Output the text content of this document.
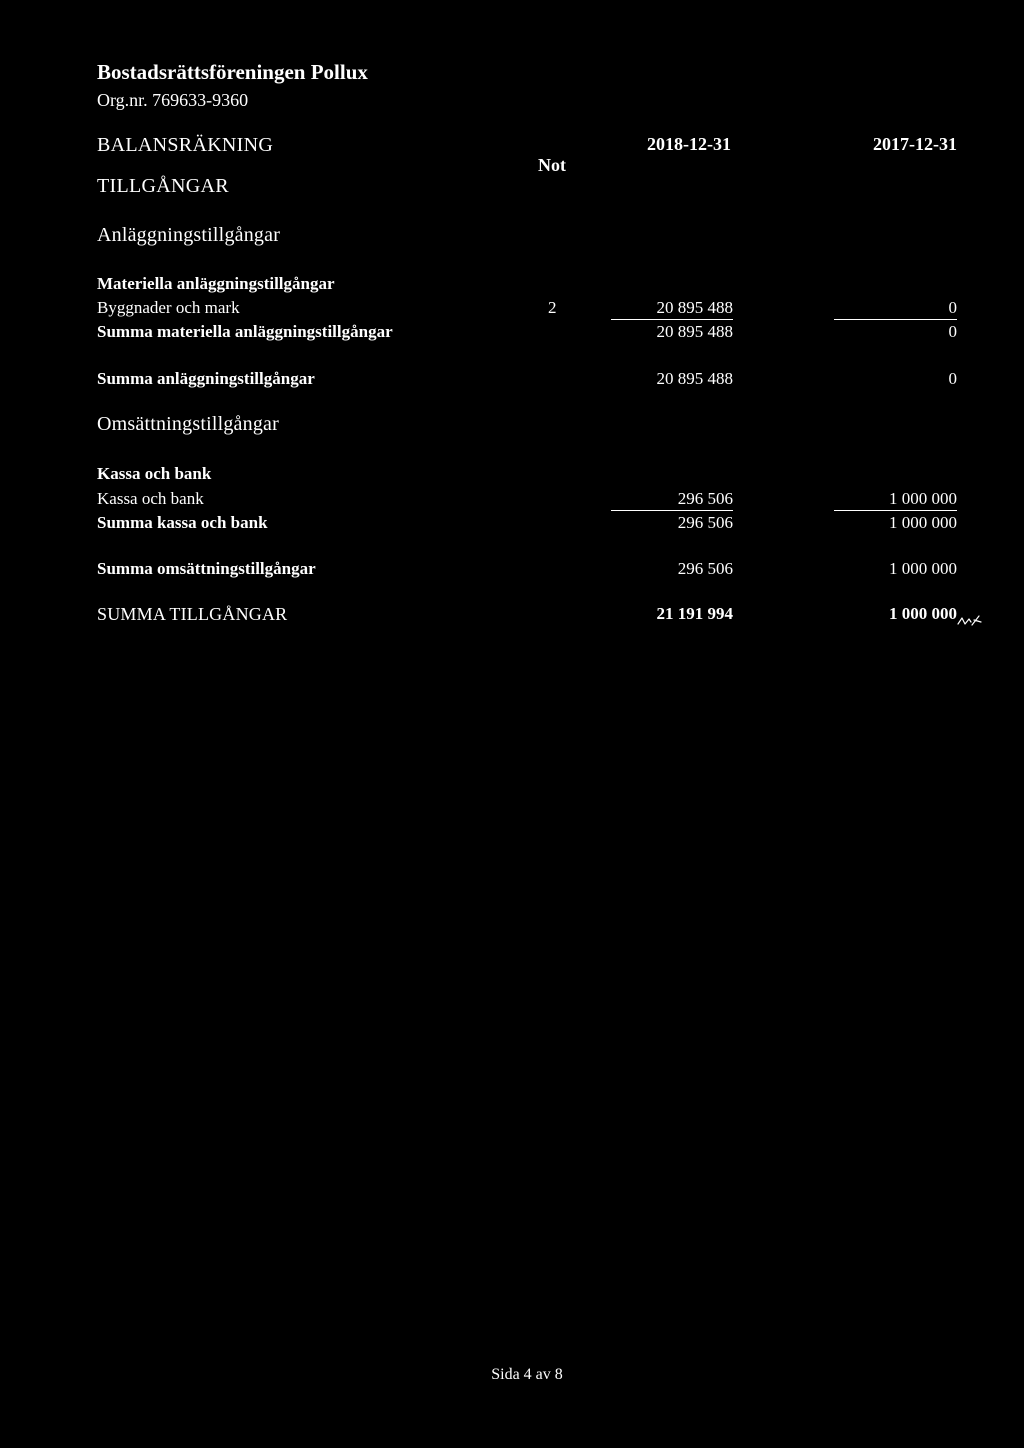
Bostadsrättsföreningen Pollux
Org.nr. 769633-9360
BALANSRÄKNING
TILLGÅNGAR
Not
2018-12-31	2017-12-31
Anläggningstillgångar
Materiella anläggningstillgångar
Byggnader och mark	2	20 895 488	0
Summa materiella anläggningstillgångar	20 895 488	0
Summa anläggningstillgångar	20 895 488	0
Omsättningstillgångar
Kassa och bank
Kassa och bank	296 506	1 000 000
Summa kassa och bank	296 506	1 000 000
Summa omsättningstillgångar	296 506	1 000 000
SUMMA TILLGÅNGAR	21 191 994	1 000 000
Sida 4 av 8
